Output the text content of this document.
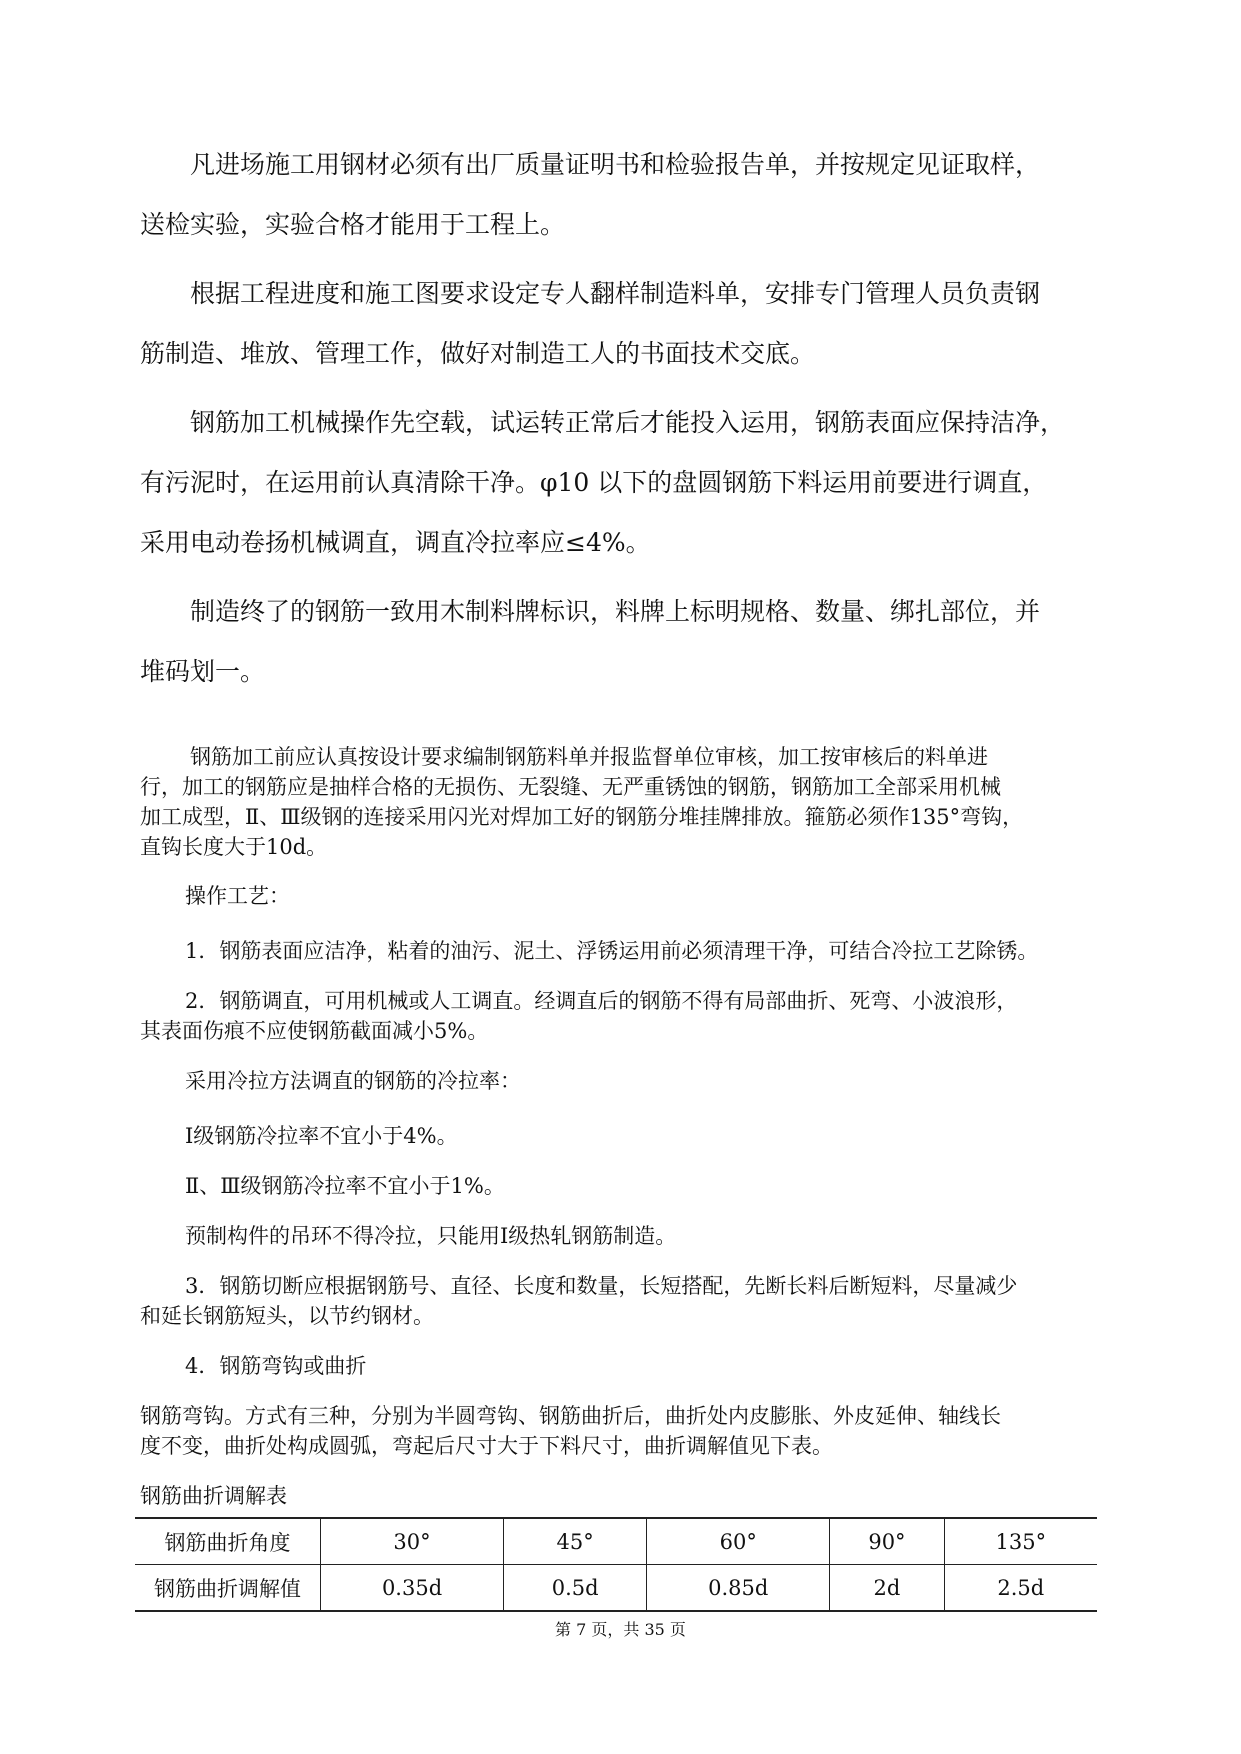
凡进场施工用钢材必须有出厂质量证明书和检验报告单，并按规定见证取样，

送检实验，实验合格才能用于工程上。

根据工程进度和施工图要求设定专人翻样制造料单，安排专门管理人员负责钢

筋制造、堆放、管理工作，做好对制造工人的书面技术交底。

钢筋加工机械操作先空载，试运转正常后才能投入运用，钢筋表面应保持洁净，

有污泥时，在运用前认真清除干净。φ10 以下的盘圆钢筋下料运用前要进行调直，

采用电动卷扬机械调直，调直冷拉率应≤4%。

制造终了的钢筋一致用木制料牌标识，料牌上标明规格、数量、绑扎部位，并

堆码划一。

钢筋加工前应认真按设计要求编制钢筋料单并报监督单位审核，加工按审核后的料单进

行，加工的钢筋应是抽样合格的无损伤、无裂缝、无严重锈蚀的钢筋，钢筋加工全部采用机械

加工成型，Ⅱ、Ⅲ级钢的连接采用闪光对焊加工好的钢筋分堆挂牌排放。箍筋必须作135°弯钩，

直钩长度大于10d。

操作工艺：

1．钢筋表面应洁净，粘着的油污、泥土、浮锈运用前必须清理干净，可结合冷拉工艺除锈。

2．钢筋调直，可用机械或人工调直。经调直后的钢筋不得有局部曲折、死弯、小波浪形，

其表面伤痕不应使钢筋截面减小5%。

采用冷拉方法调直的钢筋的冷拉率：

Ⅰ级钢筋冷拉率不宜小于4%。

Ⅱ、Ⅲ级钢筋冷拉率不宜小于1%。

预制构件的吊环不得冷拉，只能用Ⅰ级热轧钢筋制造。

3．钢筋切断应根据钢筋号、直径、长度和数量，长短搭配，先断长料后断短料，尽量减少

和延长钢筋短头，以节约钢材。

4．钢筋弯钩或曲折

钢筋弯钩。方式有三种，分别为半圆弯钩、钢筋曲折后，曲折处内皮膨胀、外皮延伸、轴线长

度不变，曲折处构成圆弧，弯起后尺寸大于下料尺寸，曲折调解值见下表。

钢筋曲折调解表

钢筋曲折角度	30°	45°	60°	90°	135°
钢筋曲折调解值	0.35d	0.5d	0.85d	2d	2.5d
第 7 页，共 35 页
